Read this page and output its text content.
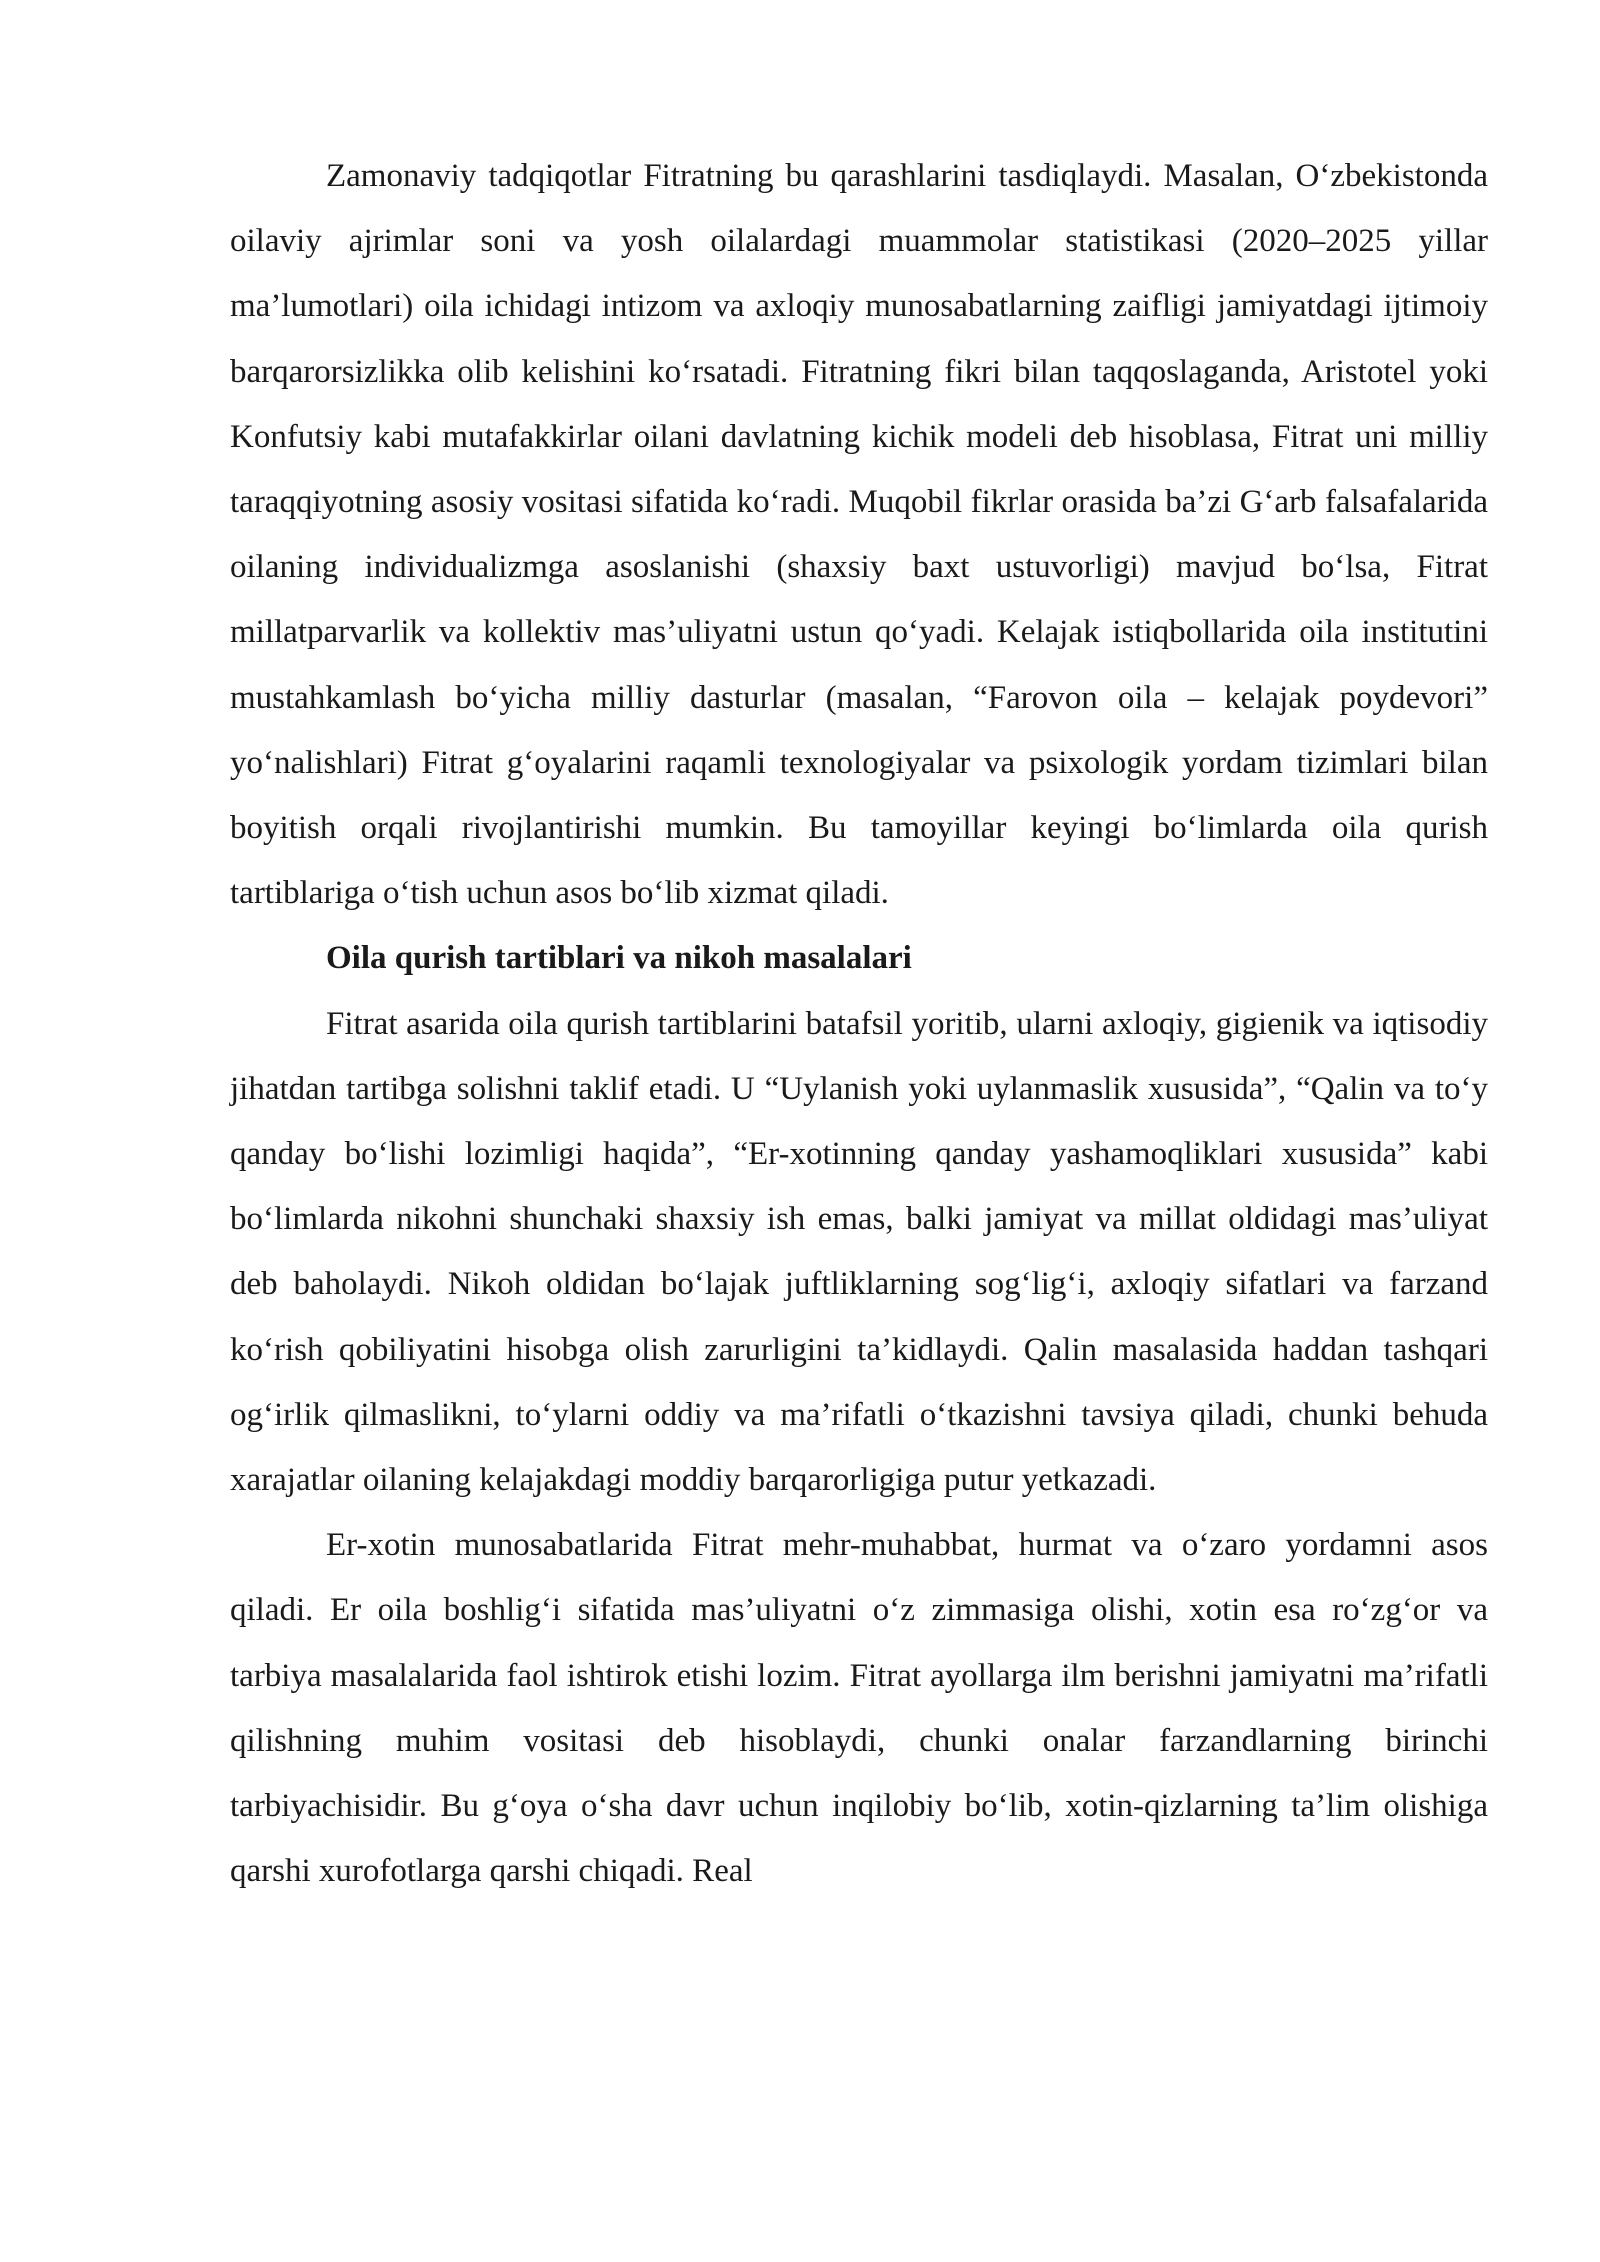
Zamonaviy tadqiqotlar Fitratning bu qarashlarini tasdiqlaydi. Masalan, O‘zbekistonda oilaviy ajrimlar soni va yosh oilalardagi muammolar statistikasi (2020–2025 yillar ma’lumotlari) oila ichidagi intizom va axloqiy munosabatlarning zaifligi jamiyatdagi ijtimoiy barqarorsizlikka olib kelishini ko‘rsatadi. Fitratning fikri bilan taqqoslaganda, Aristotel yoki Konfutsiy kabi mutafakkirlar oilani davlatning kichik modeli deb hisoblasa, Fitrat uni milliy taraqqiyotning asosiy vositasi sifatida ko‘radi. Muqobil fikrlar orasida ba’zi G‘arb falsafalarida oilaning individualizmga asoslanishi (shaxsiy baxt ustuvorligi) mavjud bo‘lsa, Fitrat millatparvarlik va kollektiv mas’uliyatni ustun qo‘yadi. Kelajak istiqbollarida oila institutini mustahkamlash bo‘yicha milliy dasturlar (masalan, “Farovon oila – kelajak poydevori” yo‘nalishlari) Fitrat g‘oyalarini raqamli texnologiyalar va psixologik yordam tizimlari bilan boyitish orqali rivojlantirishi mumkin. Bu tamoyillar keyingi bo‘limlarda oila qurish tartiblariga o‘tish uchun asos bo‘lib xizmat qiladi.

Oila qurish tartiblari va nikoh masalalari

Fitrat asarida oila qurish tartiblarini batafsil yoritib, ularni axloqiy, gigienik va iqtisodiy jihatdan tartibga solishni taklif etadi. U “Uylanish yoki uylanmaslik xususida”, “Qalin va to‘y qanday bo‘lishi lozimligi haqida”, “Er-xotinning qanday yashamoqliklari xususida” kabi bo‘limlarda nikohni shunchaki shaxsiy ish emas, balki jamiyat va millat oldidagi mas’uliyat deb baholaydi. Nikoh oldidan bo‘lajak juftliklarning sog‘lig‘i, axloqiy sifatlari va farzand ko‘rish qobiliyatini hisobga olish zarurligini ta’kidlaydi. Qalin masalasida haddan tashqari og‘irlik qilmaslikni, to‘ylarni oddiy va ma’rifatli o‘tkazishni tavsiya qiladi, chunki behuda xarajatlar oilaning kelajakdagi moddiy barqarorligiga putur yetkazadi.

Er-xotin munosabatlarida Fitrat mehr-muhabbat, hurmat va o‘zaro yordamni asos qiladi. Er oila boshlig‘i sifatida mas’uliyatni o‘z zimmasiga olishi, xotin esa ro‘zg‘or va tarbiya masalalarida faol ishtirok etishi lozim. Fitrat ayollarga ilm berishni jamiyatni ma’rifatli qilishning muhim vositasi deb hisoblaydi, chunki onalar farzandlarning birinchi tarbiyachisidir. Bu g‘oya o‘sha davr uchun inqilobiy bo‘lib, xotin-qizlarning ta’lim olishiga qarshi xurofotlarga qarshi chiqadi. Real
